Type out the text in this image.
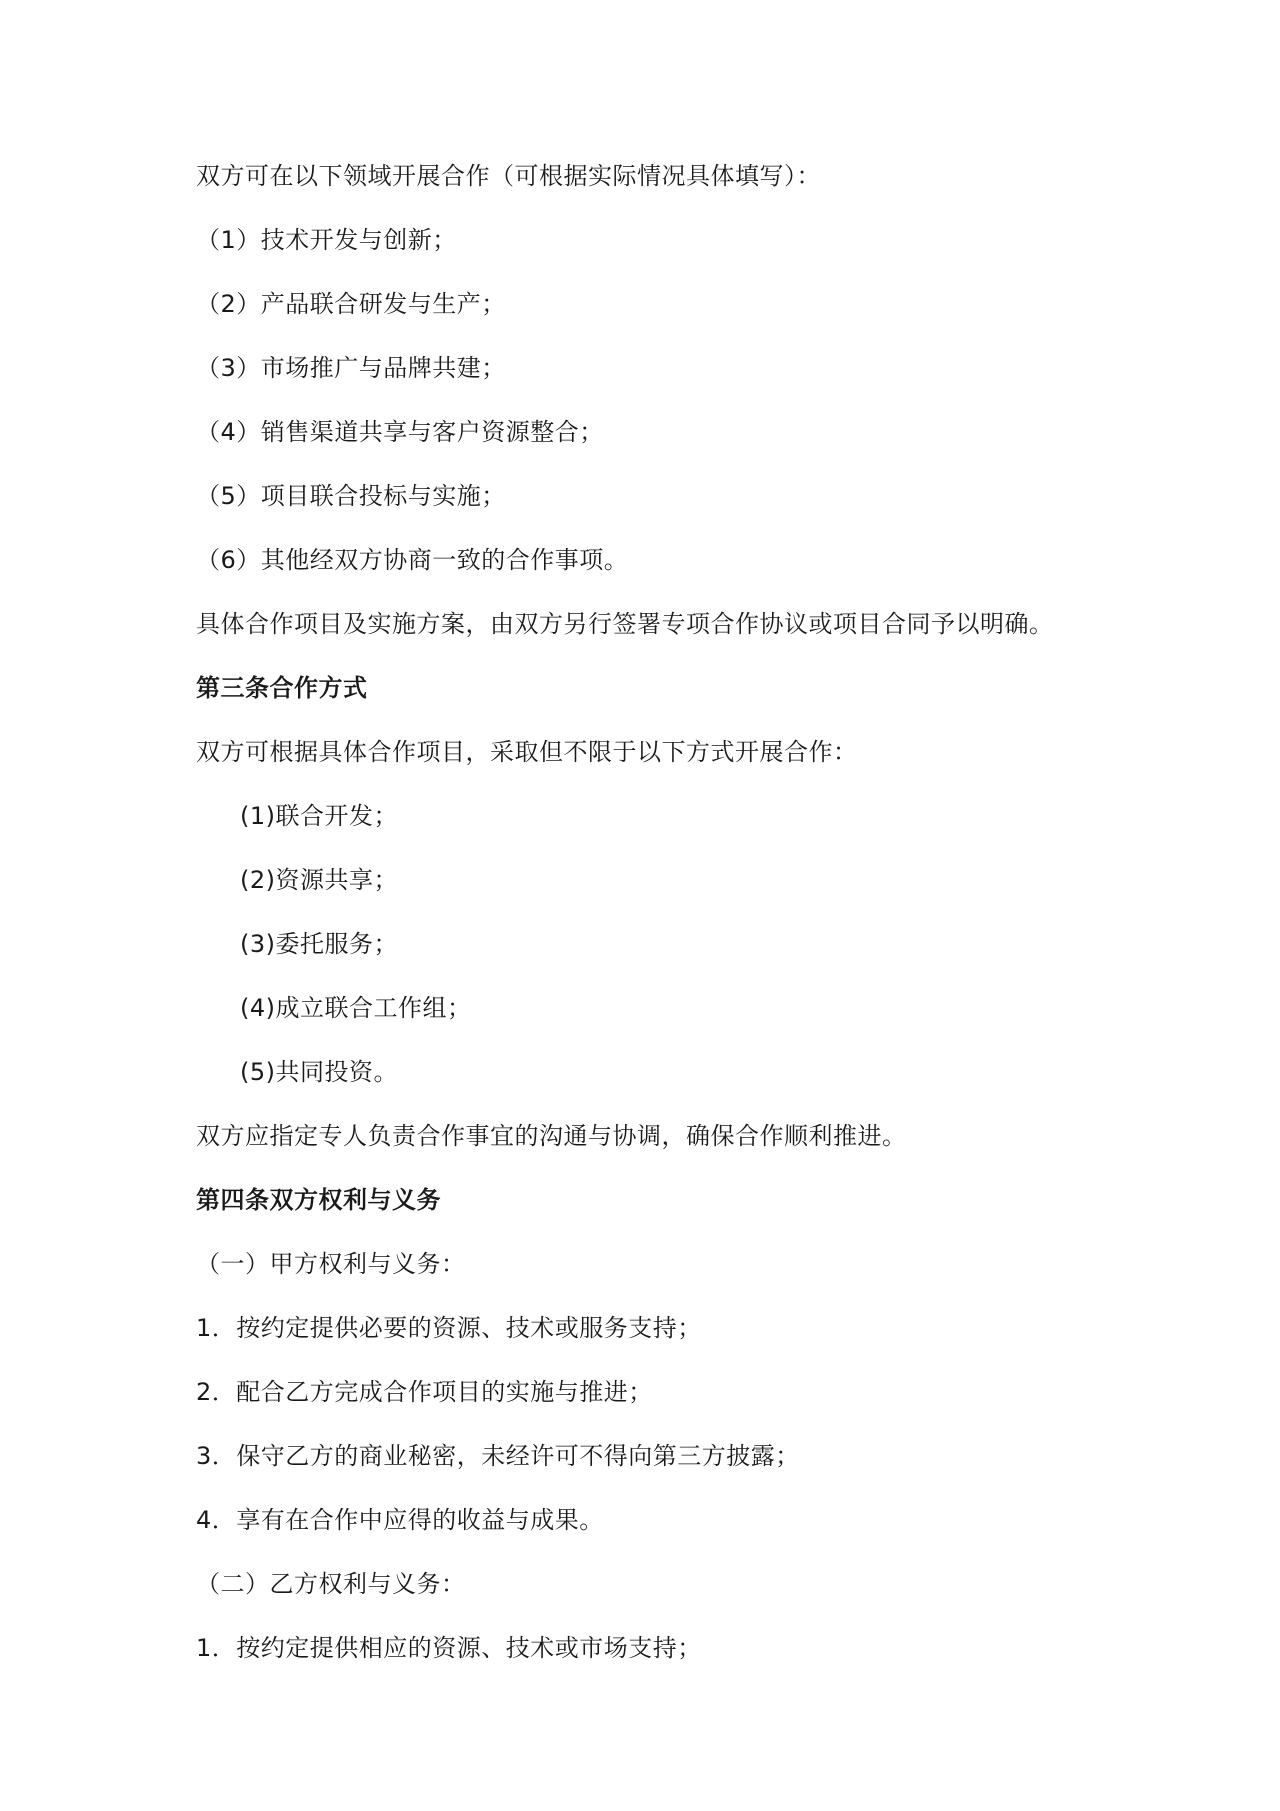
双方可在以下领域开展合作（可根据实际情况具体填写）：
（1）技术开发与创新；
（2）产品联合研发与生产；
（3）市场推广与品牌共建；
（4）销售渠道共享与客户资源整合；
（5）项目联合投标与实施；
（6）其他经双方协商一致的合作事项。
具体合作项目及实施方案，由双方另行签署专项合作协议或项目合同予以明确。
第三条合作方式
双方可根据具体合作项目，采取但不限于以下方式开展合作：
(1)联合开发；
(2)资源共享；
(3)委托服务；
(4)成立联合工作组；
(5)共同投资。
双方应指定专人负责合作事宜的沟通与协调，确保合作顺利推进。
第四条双方权利与义务
（一）甲方权利与义务：
1．按约定提供必要的资源、技术或服务支持；
2．配合乙方完成合作项目的实施与推进；
3．保守乙方的商业秘密，未经许可不得向第三方披露；
4．享有在合作中应得的收益与成果。
（二）乙方权利与义务：
1．按约定提供相应的资源、技术或市场支持；
